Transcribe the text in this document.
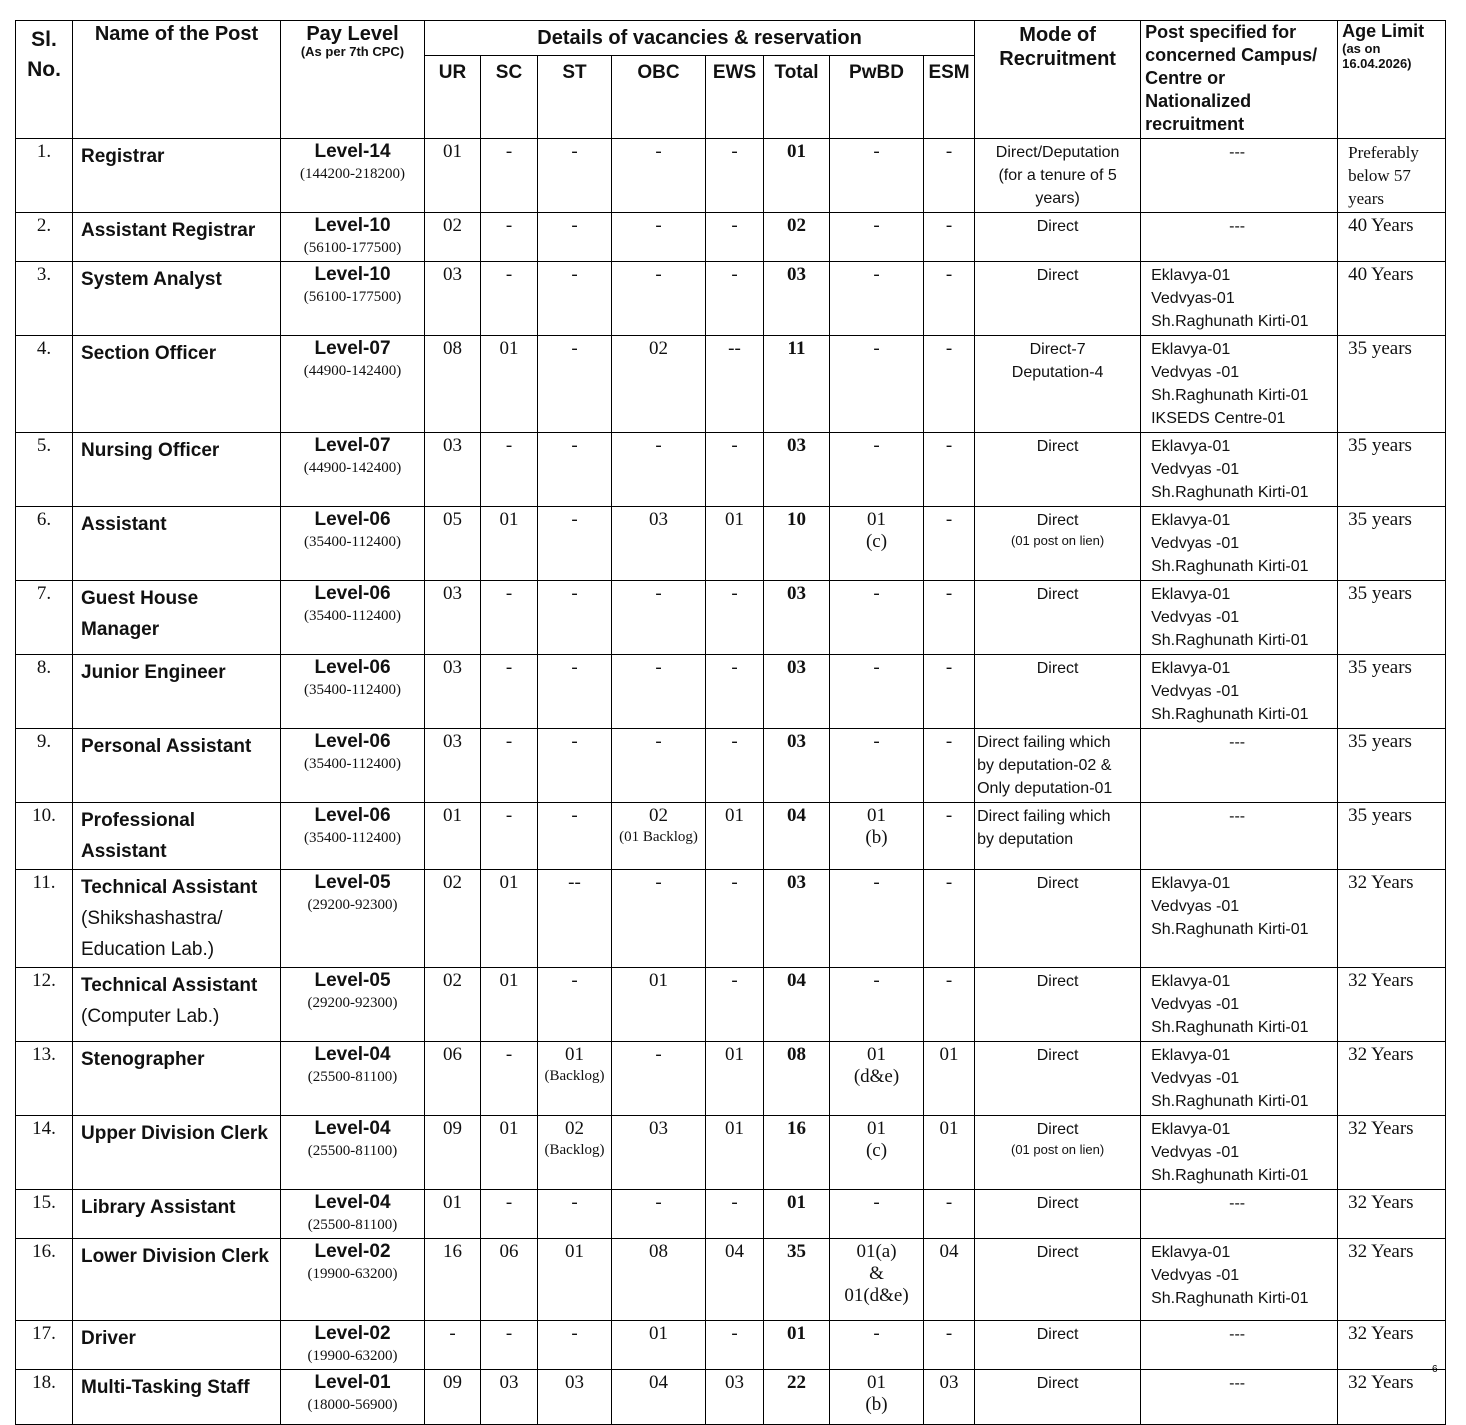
Sl.
No.	Name of the Post	Pay Level
(As per 7th CPC)	Details of vacancies & reservation								Mode of
Recruitment	Post specified for
concerned Campus/
Centre or
Nationalized
recruitment	Age Limit
(as on
16.04.2026)

			UR	SC	ST	OBC	EWS	Total	PwBD	ESM			
1.	Registrar	Level-14
(144200-218200)	01	-	-	-	-	01	-	-	Direct/Deputation
(for a tenure of 5
years)	---	Preferably
below 57
years

2.	Assistant Registrar	Level-10
(56100-177500)	02	-	-	-	-	02	-	-	Direct	---	40 Years

3.	System Analyst	Level-10
(56100-177500)	03	-	-	-	-	03	-	-	Direct	Eklavya-01
Vedvyas-01
Sh.Raghunath Kirti-01	40 Years

4.	Section Officer	Level-07
(44900-142400)	08	01	-	02	--	11	-	-	Direct-7
Deputation-4	Eklavya-01
Vedvyas -01
Sh.Raghunath Kirti-01
IKSEDS Centre-01	35 years

5.	Nursing Officer	Level-07
(44900-142400)	03	-	-	-	-	03	-	-	Direct	Eklavya-01
Vedvyas -01
Sh.Raghunath Kirti-01	35 years

6.	Assistant	Level-06
(35400-112400)	05	01	-	03	01	10	01
(c)	-	Direct
(01 post on lien)	Eklavya-01
Vedvyas -01
Sh.Raghunath Kirti-01	35 years

7.	Guest House Manager	Level-06
(35400-112400)	03	-	-	-	-	03	-	-	Direct	Eklavya-01
Vedvyas -01
Sh.Raghunath Kirti-01	35 years

8.	Junior Engineer	Level-06
(35400-112400)	03	-	-	-	-	03	-	-	Direct	Eklavya-01
Vedvyas -01
Sh.Raghunath Kirti-01	35 years

9.	Personal Assistant	Level-06
(35400-112400)	03	-	-	-	-	03	-	-	Direct failing which
by deputation-02 &
Only deputation-01	---	35 years

10.	Professional Assistant	Level-06
(35400-112400)	01	-	-	02
(01 Backlog)	01	04	01
(b)	-	Direct failing which
by deputation	---	35 years

11.	Technical Assistant
(Shikshashastra/
Education Lab.)	Level-05
(29200-92300)	02	01	--	-	-	03	-	-	Direct	Eklavya-01
Vedvyas -01
Sh.Raghunath Kirti-01	32 Years

12.	Technical Assistant
(Computer Lab.)	Level-05
(29200-92300)	02	01	-	01	-	04	-	-	Direct	Eklavya-01
Vedvyas -01
Sh.Raghunath Kirti-01	32 Years

13.	Stenographer	Level-04
(25500-81100)	06	-	01
(Backlog)	-	01	08	01
(d&e)	01	Direct	Eklavya-01
Vedvyas -01
Sh.Raghunath Kirti-01	32 Years

14.	Upper Division Clerk	Level-04
(25500-81100)	09	01	02
(Backlog)	03	01	16	01
(c)	01	Direct
(01 post on lien)	Eklavya-01
Vedvyas -01
Sh.Raghunath Kirti-01	32 Years

15.	Library Assistant	Level-04
(25500-81100)	01	-	-	-	-	01	-	-	Direct	---	32 Years

16.	Lower Division Clerk	Level-02
(19900-63200)	16	06	01	08	04	35	01(a)
&
01(d&e)	04	Direct	Eklavya-01
Vedvyas -01
Sh.Raghunath Kirti-01	32 Years

17.	Driver	Level-02
(19900-63200)	-	-	-	01	-	01	-	-	Direct	---	32 Years

18.	Multi-Tasking Staff	Level-01
(18000-56900)	09	03	03	04	03	22	01
(b)	03	Direct	---	32 Years
6
